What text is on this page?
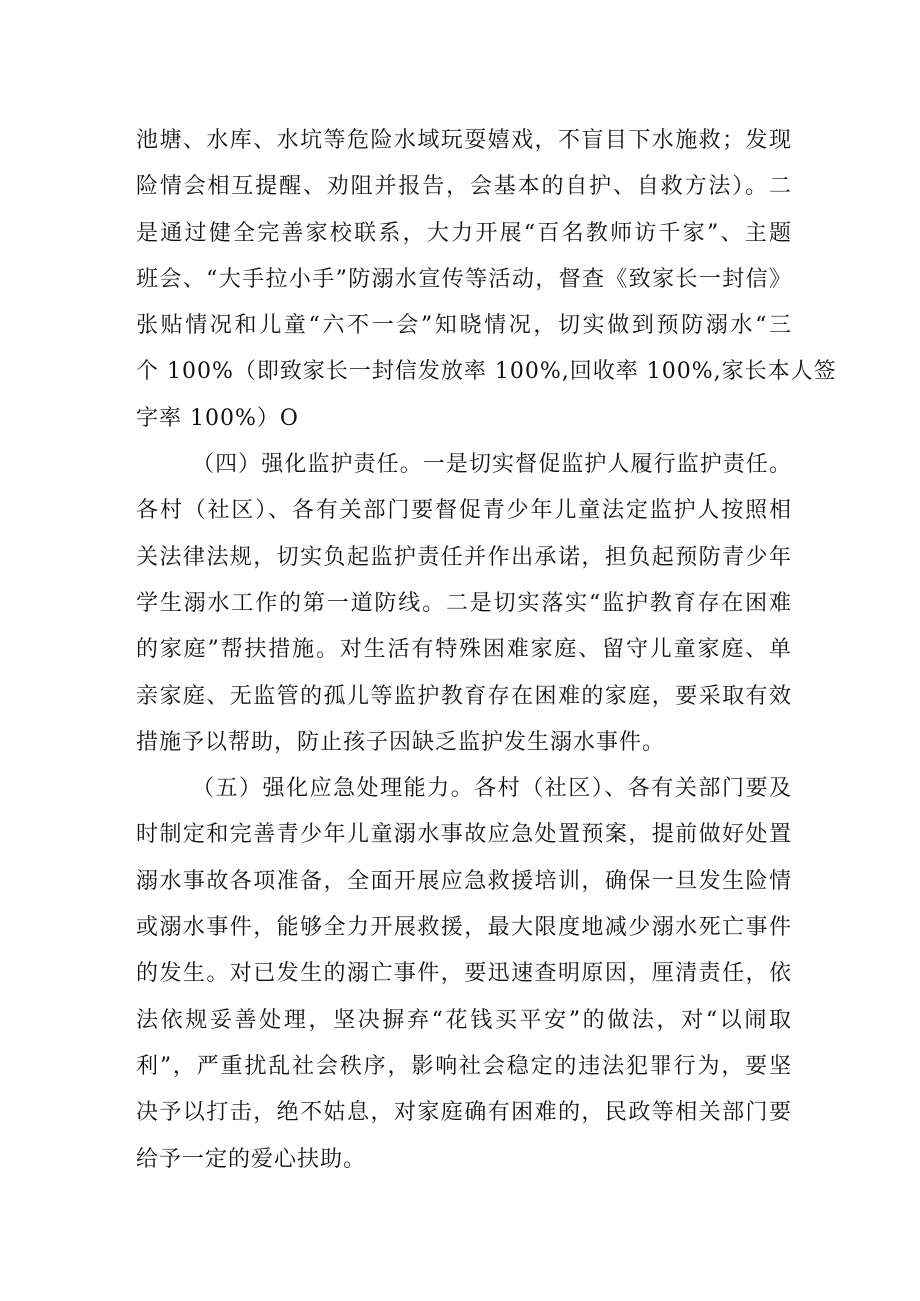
池塘、水库、水坑等危险水域玩耍嬉戏，不盲目下水施救；发现
险情会相互提醒、劝阻并报告，会基本的自护、自救方法）。二
是通过健全完善家校联系，大力开展“百名教师访千家”、主题
班会、“大手拉小手”防溺水宣传等活动，督查《致家长一封信》
张贴情况和儿童“六不一会”知晓情况，切实做到预防溺水“三
个 100%（即致家长一封信发放率 100%,回收率 100%,家长本人签
字率 100%）O
（四）强化监护责任。一是切实督促监护人履行监护责任。
各村（社区）、各有关部门要督促青少年儿童法定监护人按照相
关法律法规，切实负起监护责任并作出承诺，担负起预防青少年
学生溺水工作的第一道防线。二是切实落实“监护教育存在困难
的家庭”帮扶措施。对生活有特殊困难家庭、留守儿童家庭、单
亲家庭、无监管的孤儿等监护教育存在困难的家庭，要采取有效
措施予以帮助，防止孩子因缺乏监护发生溺水事件。
（五）强化应急处理能力。各村（社区）、各有关部门要及
时制定和完善青少年儿童溺水事故应急处置预案，提前做好处置
溺水事故各项准备，全面开展应急救援培训，确保一旦发生险情
或溺水事件，能够全力开展救援，最大限度地减少溺水死亡事件
的发生。对已发生的溺亡事件，要迅速查明原因，厘清责任，依
法依规妥善处理，坚决摒弃“花钱买平安”的做法，对“以闹取
利”，严重扰乱社会秩序，影响社会稳定的违法犯罪行为，要坚
决予以打击，绝不姑息，对家庭确有困难的，民政等相关部门要
给予一定的爱心扶助。
